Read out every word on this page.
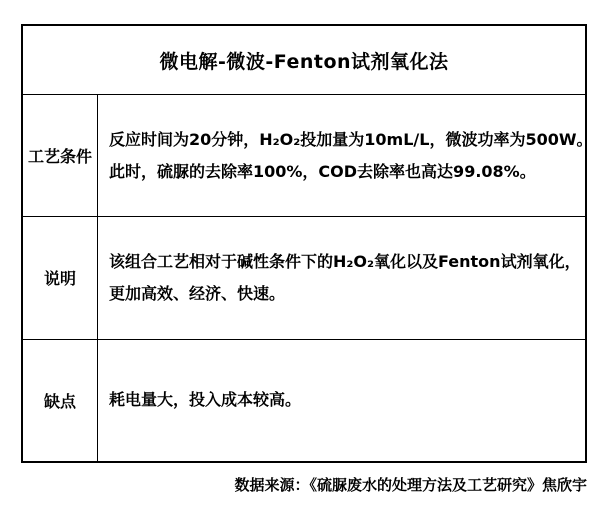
微电解-微波-Fenton试剂氧化法
工艺条件
反应时间为20分钟，H₂O₂投加量为10mL/L，微波功率为500W。
此时，硫脲的去除率100%，COD去除率也高达99.08%。
说明
该组合工艺相对于碱性条件下的H₂O₂氧化以及Fenton试剂氧化，
更加高效、经济、快速。
缺点 耗电量大，投入成本较高。
数据来源：《硫脲废水的处理方法及工艺研究》焦欣宇
